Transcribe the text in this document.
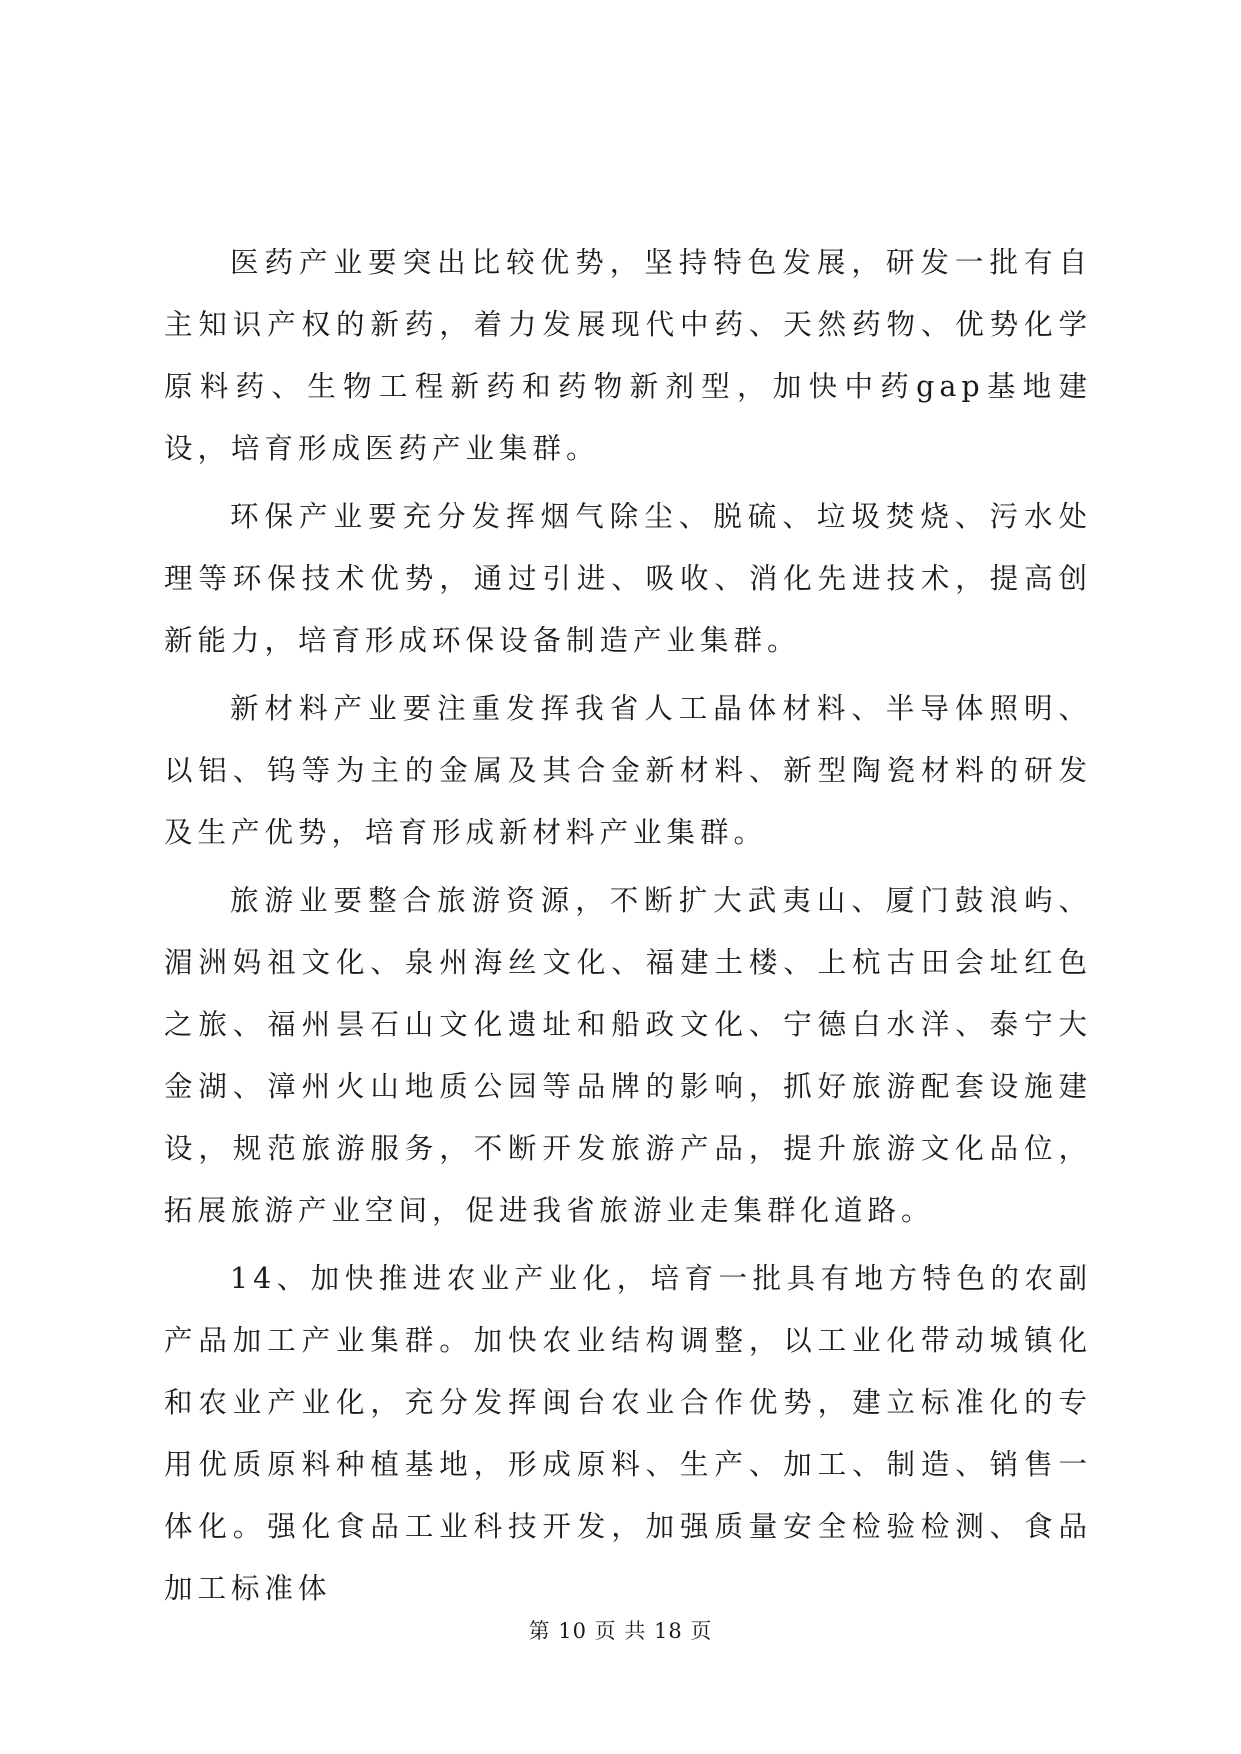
医药产业要突出比较优势，坚持特色发展，研发一批有自主知识产权的新药，着力发展现代中药、天然药物、优势化学原料药、生物工程新药和药物新剂型，加快中药gap基地建设，培育形成医药产业集群。

环保产业要充分发挥烟气除尘、脱硫、垃圾焚烧、污水处理等环保技术优势，通过引进、吸收、消化先进技术，提高创新能力，培育形成环保设备制造产业集群。

新材料产业要注重发挥我省人工晶体材料、半导体照明、以铝、钨等为主的金属及其合金新材料、新型陶瓷材料的研发及生产优势，培育形成新材料产业集群。

旅游业要整合旅游资源，不断扩大武夷山、厦门鼓浪屿、湄洲妈祖文化、泉州海丝文化、福建土楼、上杭古田会址红色之旅、福州昙石山文化遗址和船政文化、宁德白水洋、泰宁大金湖、漳州火山地质公园等品牌的影响，抓好旅游配套设施建设，规范旅游服务，不断开发旅游产品，提升旅游文化品位，拓展旅游产业空间，促进我省旅游业走集群化道路。

14、加快推进农业产业化，培育一批具有地方特色的农副产品加工产业集群。加快农业结构调整，以工业化带动城镇化和农业产业化，充分发挥闽台农业合作优势，建立标准化的专用优质原料种植基地，形成原料、生产、加工、制造、销售一体化。强化食品工业科技开发，加强质量安全检验检测、食品加工标准体

第 10 页 共 18 页
